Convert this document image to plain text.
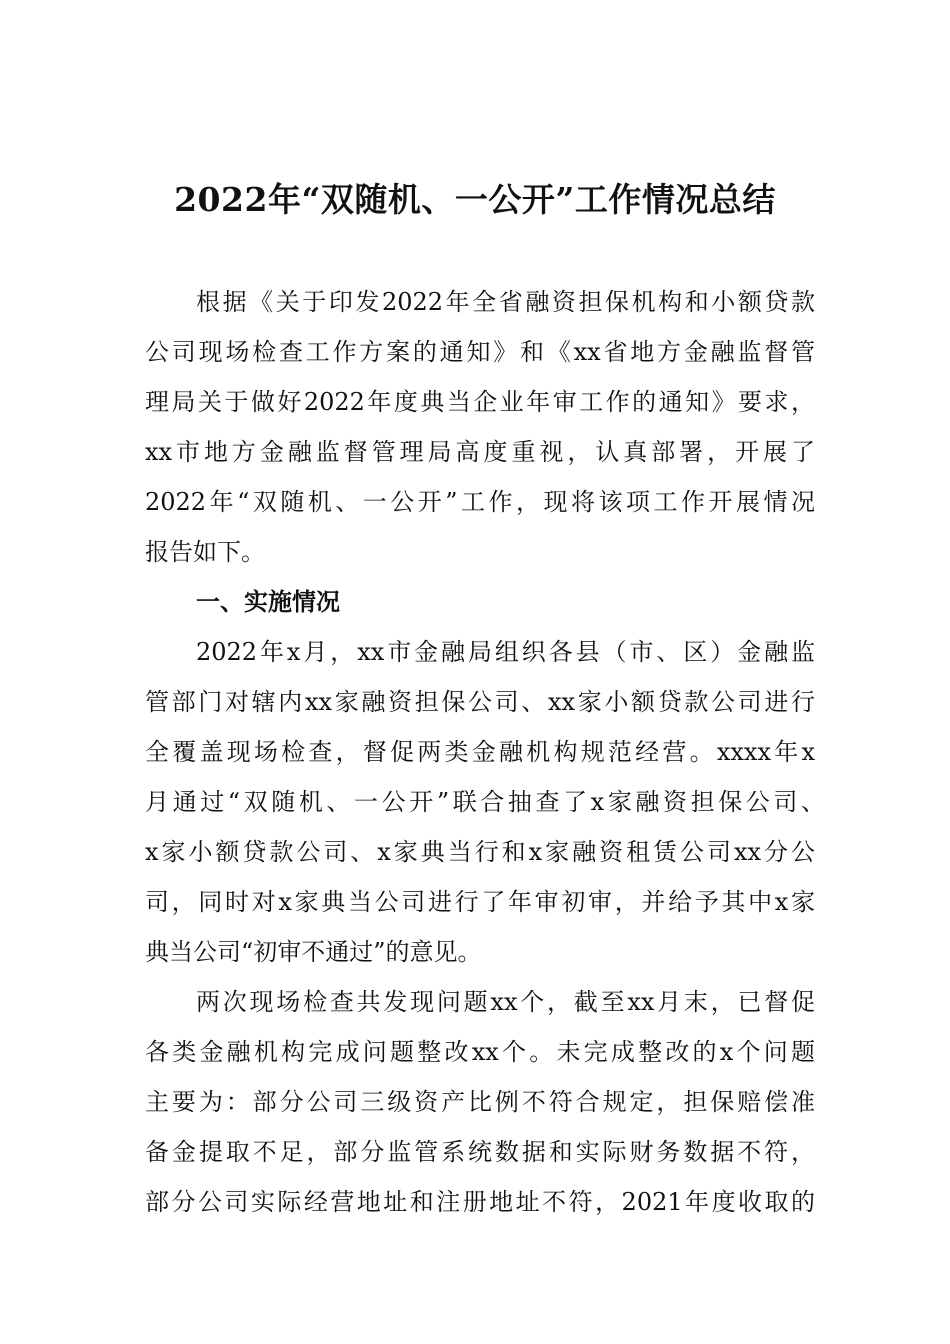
2022年“双随机、一公开”工作情况总结
根据《关于印发2022年全省融资担保机构和小额贷款
公司现场检查工作方案的通知》和《xx省地方金融监督管
理局关于做好2022年度典当企业年审工作的通知》要求，
xx市地方金融监督管理局高度重视，认真部署，开展了
2022年“双随机、一公开”工作，现将该项工作开展情况
报告如下。
一、实施情况
2022年x月，xx市金融局组织各县（市、区）金融监
管部门对辖内xx家融资担保公司、xx家小额贷款公司进行
全覆盖现场检查，督促两类金融机构规范经营。xxxx年x
月通过“双随机、一公开”联合抽查了x家融资担保公司、
x家小额贷款公司、x家典当行和x家融资租赁公司xx分公
司，同时对x家典当公司进行了年审初审，并给予其中x家
典当公司“初审不通过”的意见。
两次现场检查共发现问题xx个，截至xx月末，已督促
各类金融机构完成问题整改xx个。未完成整改的x个问题
主要为：部分公司三级资产比例不符合规定，担保赔偿准
备金提取不足，部分监管系统数据和实际财务数据不符，
部分公司实际经营地址和注册地址不符，2021年度收取的
